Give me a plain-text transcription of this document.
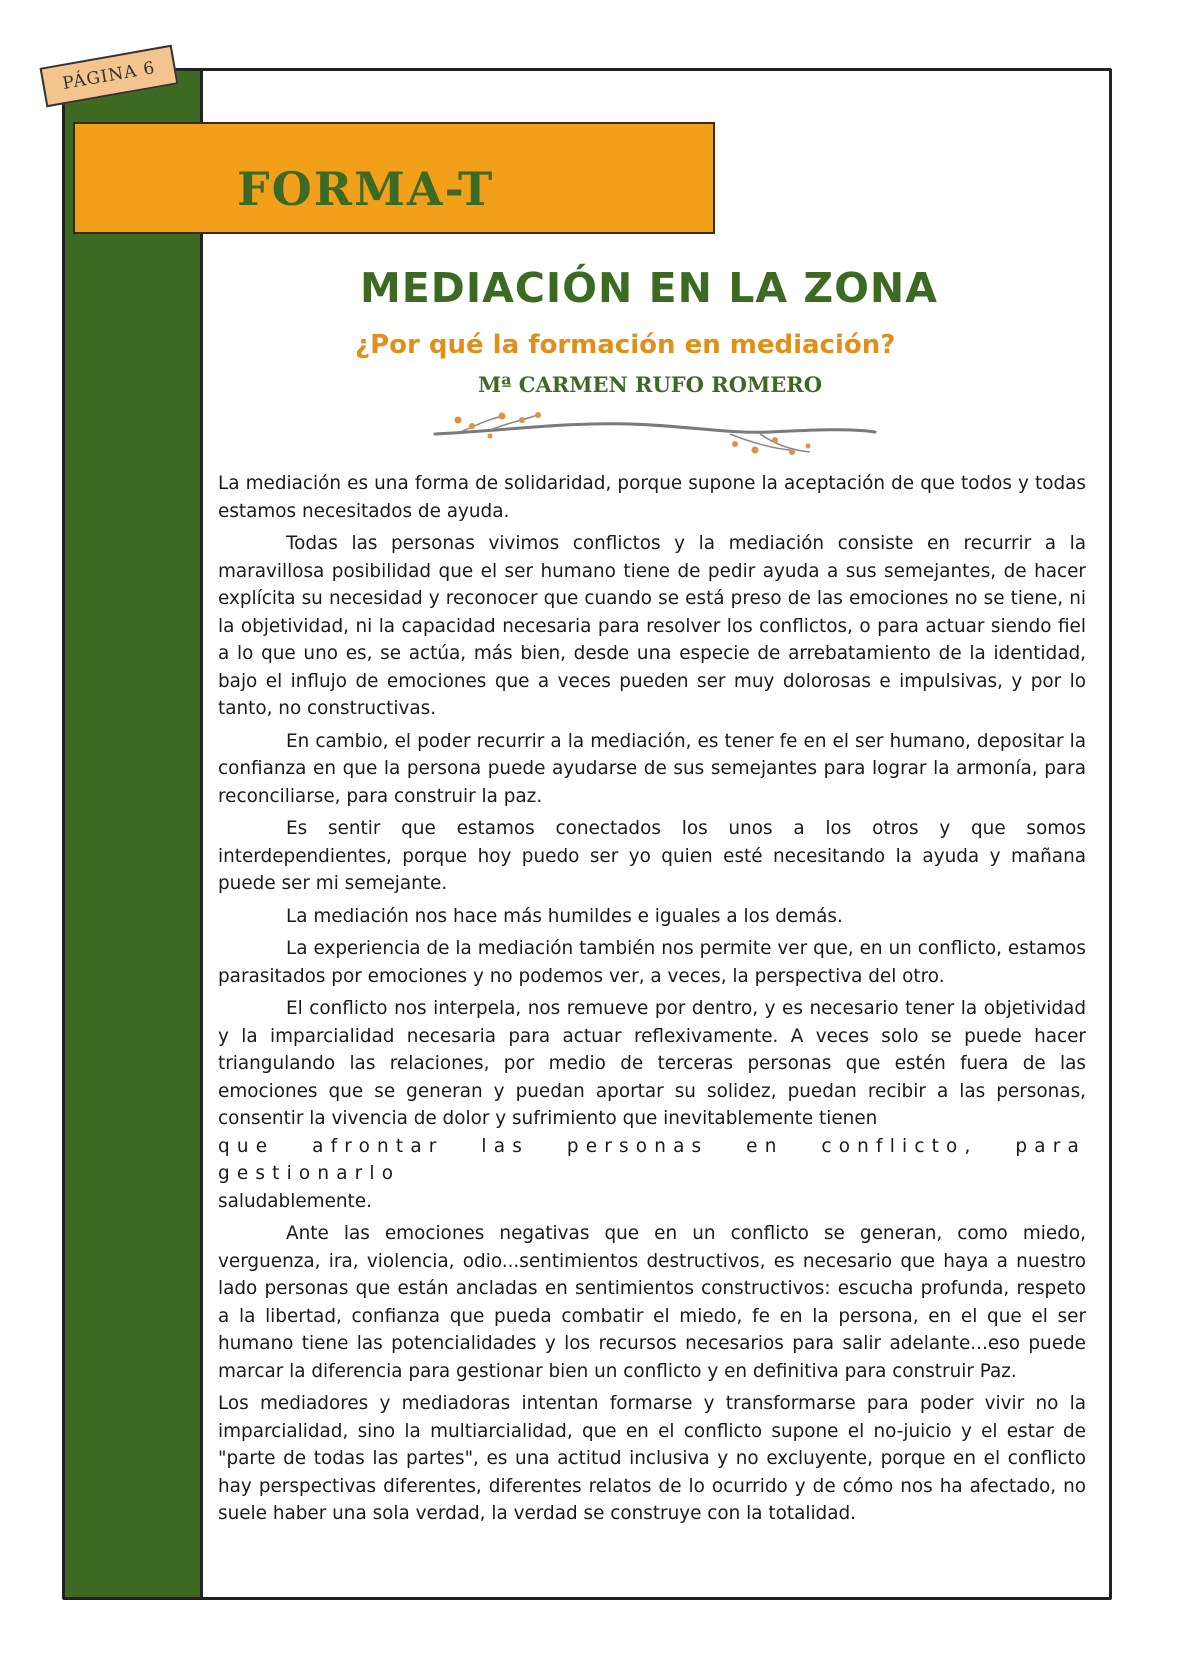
PÁGINA 6
FORMA-T
MEDIACIÓN EN LA ZONA
¿Por qué la formación en mediación?
Mª CARMEN RUFO ROMERO

La mediación es una forma de solidaridad, porque supone la aceptación de que todos y todas estamos necesitados de ayuda.

Todas las personas vivimos conflictos y la mediación consiste en recurrir a la maravillosa posibilidad que el ser humano tiene de pedir ayuda a sus semejantes, de hacer explícita su necesidad y reconocer que cuando se está preso de las emociones no se tiene, ni la objetividad, ni la capacidad necesaria para resolver los conflictos, o para actuar siendo fiel a lo que uno es, se actúa, más bien, desde una especie de arrebatamiento de la identidad, bajo el influjo de emociones que a veces pueden ser muy dolorosas e impulsivas, y por lo tanto, no constructivas.

En cambio, el poder recurrir a la mediación, es tener fe en el ser humano, depositar la confianza en que la persona puede ayudarse de sus semejantes para lograr la armonía, para reconciliarse, para construir la paz.

Es sentir que estamos conectados los unos a los otros y que somos interdependientes, porque hoy puedo ser yo quien esté necesitando la ayuda y mañana puede ser mi semejante.

La mediación nos hace más humildes e iguales a los demás.

La experiencia de la mediación también nos permite ver que, en un conflicto, estamos parasitados por emociones y no podemos ver, a veces, la perspectiva del otro.

El conflicto nos interpela, nos remueve por dentro, y es necesario tener la objetividad y la imparcialidad necesaria para actuar reflexivamente. A veces solo se puede hacer triangulando las relaciones, por medio de terceras personas que estén fuera de las emociones que se generan y puedan aportar su solidez, puedan recibir a las personas, consentir la vivencia de dolor y sufrimiento que inevitablemente tienen

que afrontar las personas en conflicto, para gestionarlo

saludablemente.

Ante las emociones negativas que en un conflicto se generan, como miedo, verguenza, ira, violencia, odio...sentimientos destructivos, es necesario que haya a nuestro lado personas que están ancladas en sentimientos constructivos: escucha profunda, respeto a la libertad, confianza que pueda combatir el miedo, fe en la persona, en el que el ser humano tiene las potencialidades y los recursos necesarios para salir adelante...eso puede marcar la diferencia para gestionar bien un conflicto y en definitiva para construir Paz.

Los mediadores y mediadoras intentan formarse y transformarse para poder vivir no la imparcialidad, sino la multiarcialidad, que en el conflicto supone el no-juicio y el estar de "parte de todas las partes", es una actitud inclusiva y no excluyente, porque en el conflicto hay perspectivas diferentes, diferentes relatos de lo ocurrido y de cómo nos ha afectado, no suele haber una sola verdad, la verdad se construye con la totalidad.
